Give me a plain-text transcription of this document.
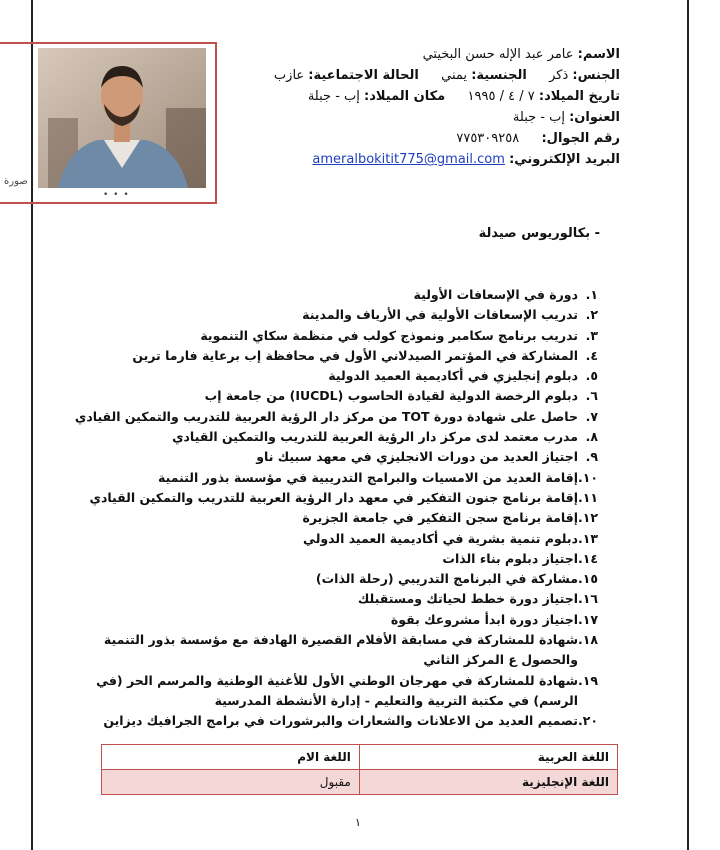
صورة
• • •
الاسم: عامر عبد الإله حسن البخيتي
الجنس: ذكر  الجنسية: يمني  الحالة الاجتماعية: عازب
تاريخ الميلاد: ٧ / ٤ / ١٩٩٥  مكان الميلاد: إب - جبلة
العنوان: إب - جبلة
رقم الجوال:  ٧٧٥٣٠٩٢٥٨
البريد الإلكتروني: ameralbokitit775@gmail.com
- بكالوريوس صيدلة
١.
دورة في الإسعافات الأولية
٢.
تدريب الإسعافات الأولية في الأرياف والمدينة
٣.
تدريب برنامج سكامبر ونموذج كولب في منظمة سكاي التنموية
٤.
المشاركة في المؤتمر الصيدلاني الأول في محافظة إب برعاية فارما ترين
٥.
دبلوم إنجليزي في أكاديمية العميد الدولية
٦.
دبلوم الرخصة الدولية لقيادة الحاسوب (IUCDL) من جامعة إب
٧.
حاصل على شهادة دورة TOT من مركز دار الرؤية العربية للتدريب والتمكين القيادي
٨.
مدرب معتمد لدى مركز دار الرؤية العربية للتدريب والتمكين القيادي
٩.
اجتياز العديد من دورات الانجليزي في معهد سبيك ناو
١٠.
إقامة العديد من الامسيات والبرامج التدريبية في مؤسسة بذور التنمية
١١.
إقامة برنامج جنون التفكير في معهد دار الرؤية العربية للتدريب والتمكين القيادي
١٢.
إقامة برنامج سجن التفكير في جامعة الجزيرة
١٣.
دبلوم تنمية بشرية في أكاديمية العميد الدولي
١٤.
اجتياز دبلوم بناء الذات
١٥.
مشاركة في البرنامج التدريبي (رحلة الذات)
١٦.
اجتياز دورة خطط لحياتك ومستقبلك
١٧.
اجتياز دورة ابدأ مشروعك بقوة
١٨.
شهادة للمشاركة في مسابقة الأفلام القصيرة الهادفة مع مؤسسة بذور التنمية والحصول ع المركز الثاني
١٩.
شهادة للمشاركة في مهرجان الوطني الأول للأغنية الوطنية والمرسم الحر (في الرسم) في مكتبة التربية والتعليم - إدارة الأنشطة المدرسية
٢٠.
تصميم العديد من الاعلانات والشعارات والبرشورات في برامج الجرافيك ديزاين
اللغة العربية	اللغة الام
اللغة الإنجليزية	مقبول
١
